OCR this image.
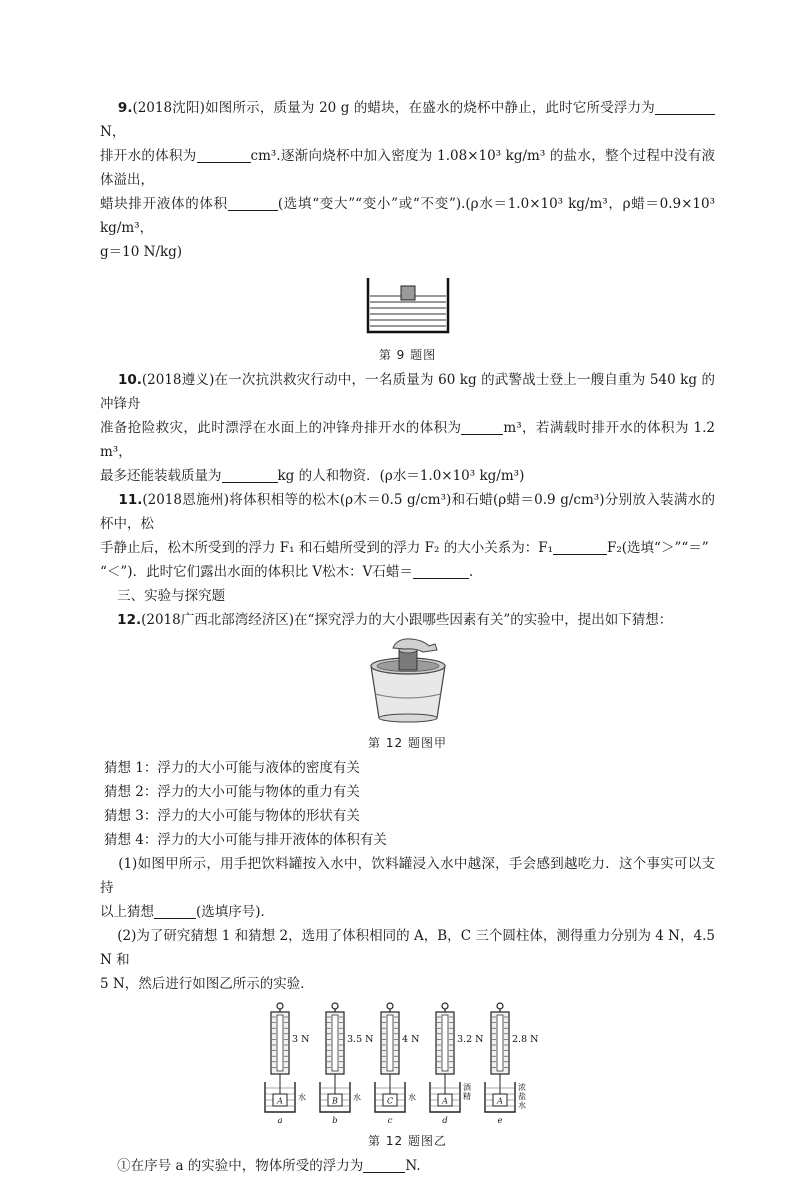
9.(2018沈阳)如图所示，质量为 20 g 的蜡块，在盛水的烧杯中静止，此时它所受浮力为N，
排开水的体积为	cm³.逐渐向烧杯中加入密度为 1.08×10³ kg/m³ 的盐水，整个过程中没有液体溢出，
蜡块排开液体的体积	(选填“变大”“变小”或“不变”).(ρ水＝1.0×10³ kg/m³，ρ蜡＝0.9×10³ kg/m³，
g＝10 N/kg)

第 9 题图

10.(2018遵义)在一次抗洪救灾行动中，一名质量为 60 kg 的武警战士登上一艘自重为 540 kg 的冲锋舟
准备抢险救灾，此时漂浮在水面上的冲锋舟排开水的体积为	m³，若满载时排开水的体积为 1.2 m³，
最多还能装载质量为	kg 的人和物资．(ρ水＝1.0×10³ kg/m³)

11.(2018恩施州)将体积相等的松木(ρ木＝0.5 g/cm³)和石蜡(ρ蜡＝0.9 g/cm³)分别放入装满水的杯中，松
手静止后，松木所受到的浮力 F₁ 和石蜡所受到的浮力 F₂ 的大小关系为：F₁	F₂(选填“＞”“＝”
“＜”)．此时它们露出水面的体积比 V松木：V石蜡＝	.

三、实验与探究题

12.(2018广西北部湾经济区)在“探究浮力的大小跟哪些因素有关”的实验中，提出如下猜想：

第 12 题图甲

猜想 1：浮力的大小可能与液体的密度有关

猜想 2：浮力的大小可能与物体的重力有关

猜想 3：浮力的大小可能与物体的形状有关

猜想 4：浮力的大小可能与排开液体的体积有关

(1)如图甲所示，用手把饮料罐按入水中，饮料罐浸入水中越深，手会感到越吃力．这个事实可以支持
以上猜想	(选填序号)．

(2)为了研究猜想 1 和猜想 2，选用了体积相同的 A，B，C 三个圆柱体，测得重力分别为 4 N，4.5 N 和
5 N，然后进行如图乙所示的实验．

3 N
A 水
a
3.5 N
B 水
b
4 N
C 水
c
3.2 N
A
酒
精
d
2.8 N
A
浓
盐
水
e
第 12 题图乙

①在序号 a 的实验中，物体所受的浮力为	N.
